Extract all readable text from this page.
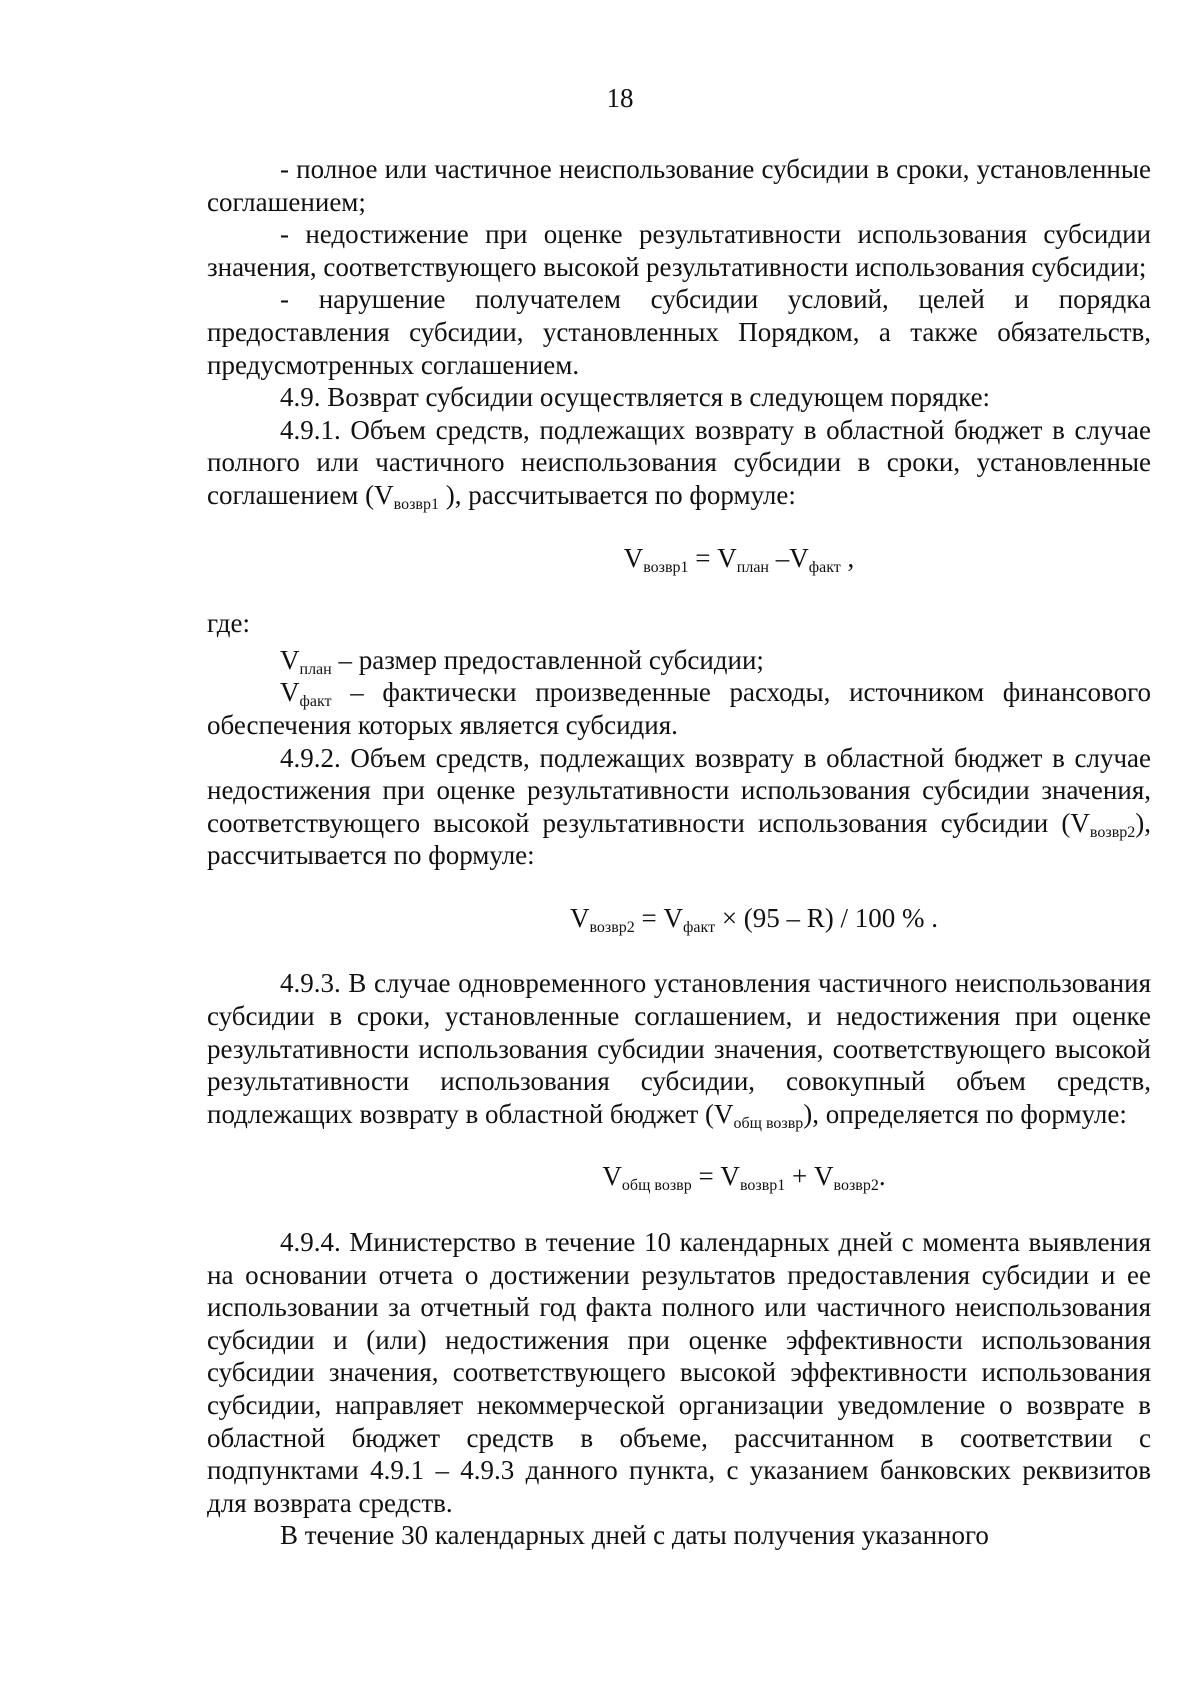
18

- полное или частичное неиспользование субсидии в сроки, установленные соглашением;

- недостижение при оценке результативности использования субсидии значения, соответствующего высокой результативности использования субсидии;

- нарушение получателем субсидии условий, целей и порядка предоставления субсидии, установленных Порядком, а также обязательств, предусмотренных соглашением.

4.9. Возврат субсидии осуществляется в следующем порядке:

4.9.1. Объем средств, подлежащих возврату в областной бюджет в случае полного или частичного неиспользования субсидии в сроки, установленные соглашением ($V_{возвр1}$ ), рассчитывается по формуле:

$V_{возвр1} = V_{план}$ $-V_{факт}$ ,

где:

$V_{план}$ – размер предоставленной субсидии;

$V_{факт}$ – фактически произведенные расходы, источником финансового обеспечения которых является субсидия.

4.9.2. Объем средств, подлежащих возврату в областной бюджет в случае недостижения при оценке результативности использования субсидии значения, соответствующего высокой результативности использования субсидии $(V_{возвр2})$, рассчитывается по формуле:

$V_{возвр2} = V_{факт} \times (95 - R) / 100$ % .

4.9.3. В случае одновременного установления частичного неиспользования субсидии в сроки, установленные соглашением, и недостижения при оценке результативности использования субсидии значения, соответствующего высокой результативности использования субсидии, совокупный объем средств, подлежащих возврату в областной бюджет $(V_{общ возвр})$, определяется по формуле:

$V_{общ возвр} = V_{возвр1} + V_{возвр2}$.

4.9.4. Министерство в течение 10 календарных дней с момента выявления на основании отчета о достижении результатов предоставления субсидии и ее использовании за отчетный год факта полного или частичного неиспользования субсидии и (или) недостижения при оценке эффективности использования субсидии значения, соответствующего высокой эффективности использования субсидии, направляет некоммерческой организации уведомление о возврате в областной бюджет средств в объеме, рассчитанном в соответствии с подпунктами 4.9.1 – 4.9.3 данного пункта, с указанием банковских реквизитов для возврата средств.

В течение 30 календарных дней с даты получения указанного
